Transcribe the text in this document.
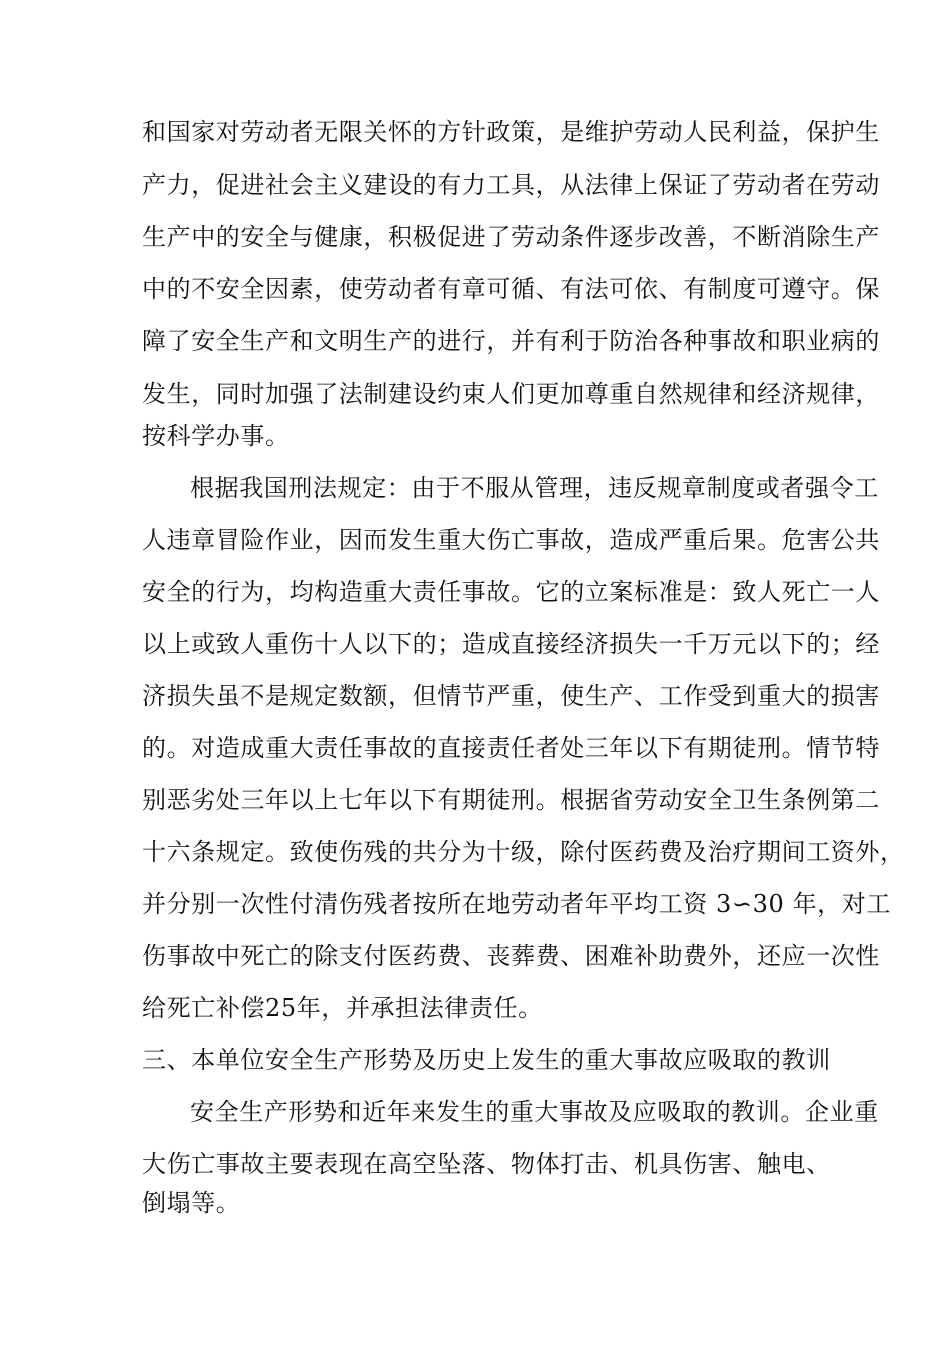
和国家对劳动者无限关怀的方针政策，是维护劳动人民利益，保护生
产力，促进社会主义建设的有力工具，从法律上保证了劳动者在劳动
生产中的安全与健康，积极促进了劳动条件逐步改善，不断消除生产
中的不安全因素，使劳动者有章可循、有法可依、有制度可遵守。保
障了安全生产和文明生产的进行，并有利于防治各种事故和职业病的
发生，同时加强了法制建设约束人们更加尊重自然规律和经济规律，
按科学办事。
根据我国刑法规定：由于不服从管理，违反规章制度或者强令工
人违章冒险作业，因而发生重大伤亡事故，造成严重后果。危害公共
安全的行为，均构造重大责任事故。它的立案标准是：致人死亡一人
以上或致人重伤十人以下的；造成直接经济损失一千万元以下的；经
济损失虽不是规定数额，但情节严重，使生产、工作受到重大的损害
的。对造成重大责任事故的直接责任者处三年以下有期徒刑。情节特
别恶劣处三年以上七年以下有期徒刑。根据省劳动安全卫生条例第二
十六条规定。致使伤残的共分为十级，除付医药费及治疗期间工资外，
并分别一次性付清伤残者按所在地劳动者年平均工资 3∽30 年，对工
伤事故中死亡的除支付医药费、丧葬费、困难补助费外，还应一次性
给死亡补偿25年，并承担法律责任。
三、本单位安全生产形势及历史上发生的重大事故应吸取的教训
安全生产形势和近年来发生的重大事故及应吸取的教训。企业重
大伤亡事故主要表现在高空坠落、物体打击、机具伤害、触电、
倒塌等。
